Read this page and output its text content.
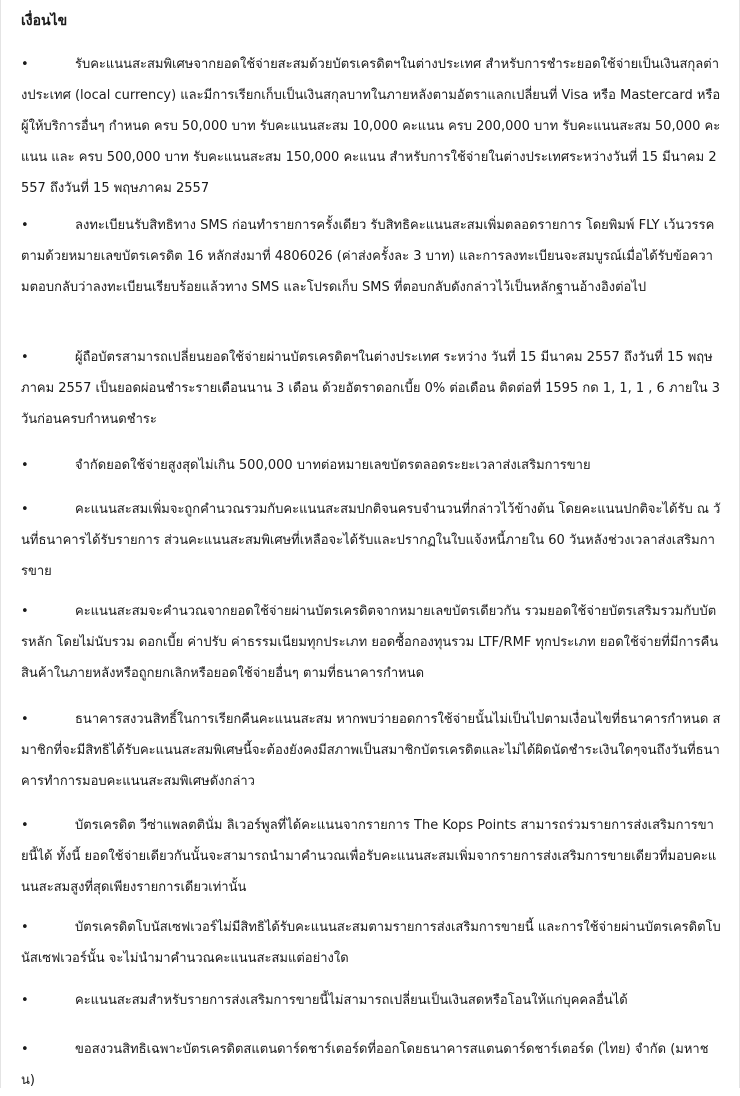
เงื่อนไข
•	รับคะแนนสะสมพิเศษจากยอดใช้จ่ายสะสมด้วยบัตรเครดิตฯในต่างประเทศ สำหรับการชำระยอดใช้จ่ายเป็นเงินสกุลต่างประเทศ (local currency) และมีการเรียกเก็บเป็นเงินสกุลบาทในภายหลังตามอัตราแลกเปลี่ยนที่ Visa หรือ Mastercard หรือ ผู้ให้บริการอื่นๆ กำหนด ครบ 50,000 บาท รับคะแนนสะสม 10,000 คะแนน ครบ 200,000 บาท รับคะแนนสะสม 50,000 คะแนน และ ครบ 500,000 บาท รับคะแนนสะสม 150,000 คะแนน สำหรับการใช้จ่ายในต่างประเทศระหว่างวันที่ 15 มีนาคม 2557 ถึงวันที่ 15 พฤษภาคม 2557

•	ลงทะเบียนรับสิทธิทาง SMS ก่อนทำรายการครั้งเดียว รับสิทธิคะแนนสะสมเพิ่มตลอดรายการ โดยพิมพ์ FLY เว้นวรรคตามด้วยหมายเลขบัตรเครดิต 16 หลักส่งมาที่ 4806026 (ค่าส่งครั้งละ 3 บาท) และการลงทะเบียนจะสมบูรณ์เมื่อได้รับข้อความตอบกลับว่าลงทะเบียนเรียบร้อยแล้วทาง SMS และโปรดเก็บ SMS ที่ตอบกลับดังกล่าวไว้เป็นหลักฐานอ้างอิงต่อไป

•	ผู้ถือบัตรสามารถเปลี่ยนยอดใช้จ่ายผ่านบัตรเครดิตฯในต่างประเทศ ระหว่าง วันที่ 15 มีนาคม 2557 ถึงวันที่ 15 พฤษภาคม 2557 เป็นยอดผ่อนชำระรายเดือนนาน 3 เดือน ด้วยอัตราดอกเบี้ย 0% ต่อเดือน ติดต่อที่ 1595 กด 1, 1, 1 , 6 ภายใน 3 วันก่อนครบกำหนดชำระ

•	จำกัดยอดใช้จ่ายสูงสุดไม่เกิน 500,000 บาทต่อหมายเลขบัตรตลอดระยะเวลาส่งเสริมการขาย

•	คะแนนสะสมเพิ่มจะถูกคำนวณรวมกับคะแนนสะสมปกติจนครบจำนวนที่กล่าวไว้ข้างต้น โดยคะแนนปกติจะได้รับ ณ วันที่ธนาคารได้รับรายการ ส่วนคะแนนสะสมพิเศษที่เหลือจะได้รับและปรากฏในใบแจ้งหนี้ภายใน 60 วันหลังช่วงเวลาส่งเสริมการขาย

•	คะแนนสะสมจะคำนวณจากยอดใช้จ่ายผ่านบัตรเครดิตจากหมายเลขบัตรเดียวกัน รวมยอดใช้จ่ายบัตรเสริมรวมกับบัตรหลัก โดยไม่นับรวม ดอกเบี้ย ค่าปรับ ค่าธรรมเนียมทุกประเภท ยอดซื้อกองทุนรวม LTF/RMF ทุกประเภท ยอดใช้จ่ายที่มีการคืนสินค้าในภายหลังหรือถูกยกเลิกหรือยอดใช้จ่ายอื่นๆ ตามที่ธนาคารกำหนด

•	ธนาคารสงวนสิทธิ์ในการเรียกคืนคะแนนสะสม หากพบว่ายอดการใช้จ่ายนั้นไม่เป็นไปตามเงื่อนไขที่ธนาคารกำหนด สมาชิกที่จะมีสิทธิได้รับคะแนนสะสมพิเศษนี้จะต้องยังคงมีสภาพเป็นสมาชิกบัตรเครดิตและไม่ได้ผิดนัดชำระเงินใดๆจนถึงวันที่ธนาคารทำการมอบคะแนนสะสมพิเศษดังกล่าว

•	บัตรเครดิต วีซ่าแพลตตินั่ม ลิเวอร์พูลที่ได้คะแนนจากรายการ The Kops Points สามารถร่วมรายการส่งเสริมการขายนี้ได้ ทั้งนี้ ยอดใช้จ่ายเดียวกันนั้นจะสามารถนำมาคำนวณเพื่อรับคะแนนสะสมเพิ่มจากรายการส่งเสริมการขายเดียวที่มอบคะแนนสะสมสูงที่สุดเพียงรายการเดียวเท่านั้น

•	บัตรเครดิตโบนัสเซฟเวอร์ไม่มีสิทธิได้รับคะแนนสะสมตามรายการส่งเสริมการขายนี้ และการใช้จ่ายผ่านบัตรเครดิตโบนัสเซฟเวอร์นั้น จะไม่นำมาคำนวณคะแนนสะสมแต่อย่างใด

•	คะแนนสะสมสำหรับรายการส่งเสริมการขายนี้ไม่สามารถเปลี่ยนเป็นเงินสดหรือโอนให้แก่บุคคลอื่นได้

•	ขอสงวนสิทธิเฉพาะบัตรเครดิตสแตนดาร์ดชาร์เตอร์ดที่ออกโดยธนาคารสแตนดาร์ดชาร์เตอร์ด (ไทย) จำกัด (มหาชน)
